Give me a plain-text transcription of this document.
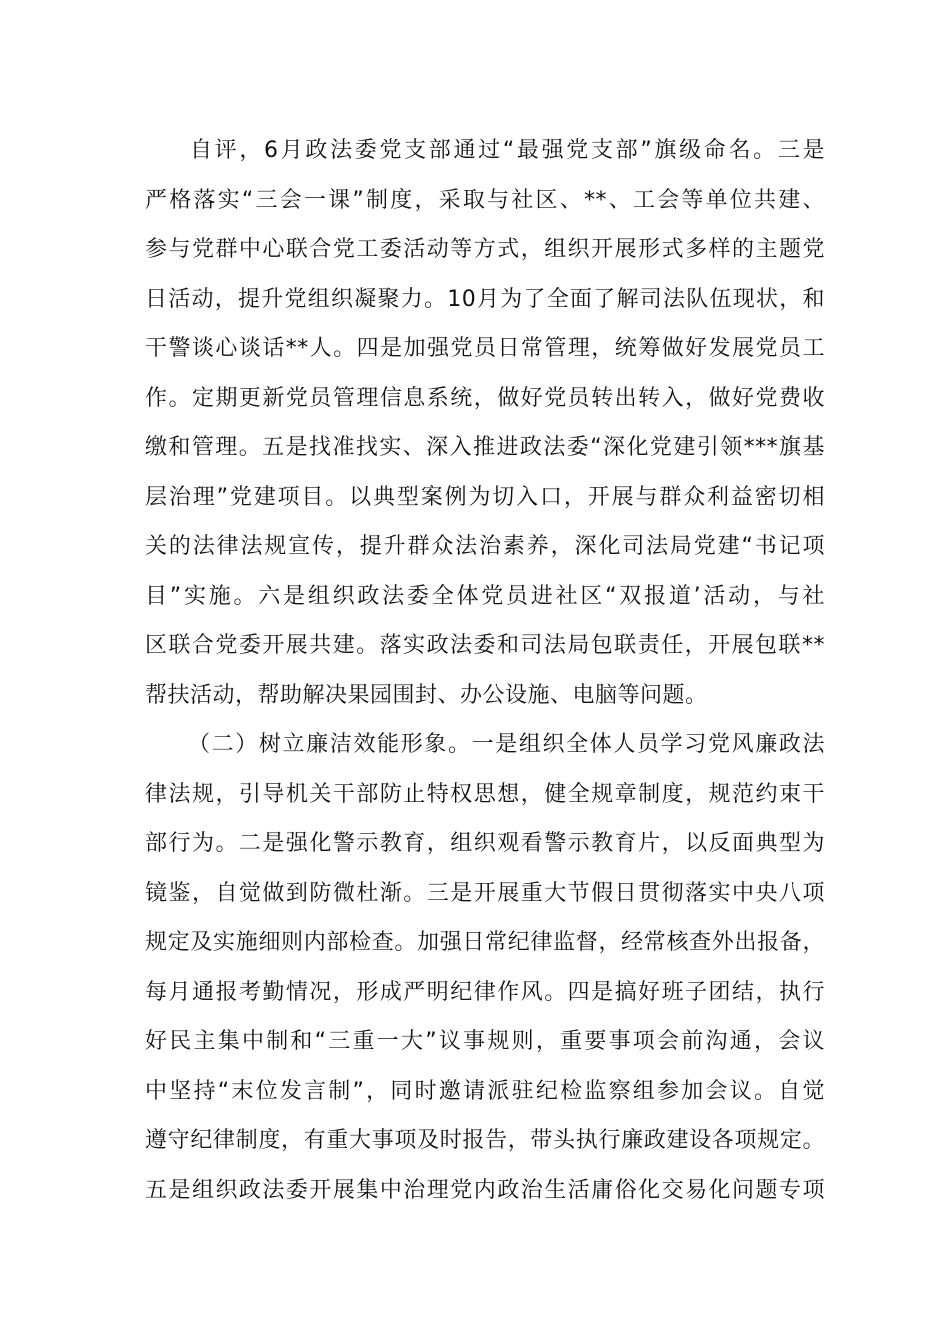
自评，6月政法委党支部通过“最强党支部”旗级命名。三是
严格落实“三会一课”制度，采取与社区、**、工会等单位共建、
参与党群中心联合党工委活动等方式，组织开展形式多样的主题党
日活动，提升党组织凝聚力。10月为了全面了解司法队伍现状，和
干警谈心谈话**人。四是加强党员日常管理，统筹做好发展党员工
作。定期更新党员管理信息系统，做好党员转出转入，做好党费收
缴和管理。五是找准找实、深入推进政法委“深化党建引领***旗基
层治理”党建项目。以典型案例为切入口，开展与群众利益密切相
关的法律法规宣传，提升群众法治素养，深化司法局党建“书记项
目”实施。六是组织政法委全体党员进社区“双报道’活动，与社
区联合党委开展共建。落实政法委和司法局包联责任，开展包联**
帮扶活动，帮助解决果园围封、办公设施、电脑等问题。
（二）树立廉洁效能形象。一是组织全体人员学习党风廉政法
律法规，引导机关干部防止特权思想，健全规章制度，规范约束干
部行为。二是强化警示教育，组织观看警示教育片，以反面典型为
镜鉴，自觉做到防微杜渐。三是开展重大节假日贯彻落实中央八项
规定及实施细则内部检查。加强日常纪律监督，经常核查外出报备，
每月通报考勤情况，形成严明纪律作风。四是搞好班子团结，执行
好民主集中制和“三重一大”议事规则，重要事项会前沟通，会议
中坚持“末位发言制”，同时邀请派驻纪检监察组参加会议。自觉
遵守纪律制度，有重大事项及时报告，带头执行廉政建设各项规定。
五是组织政法委开展集中治理党内政治生活庸俗化交易化问题专项
